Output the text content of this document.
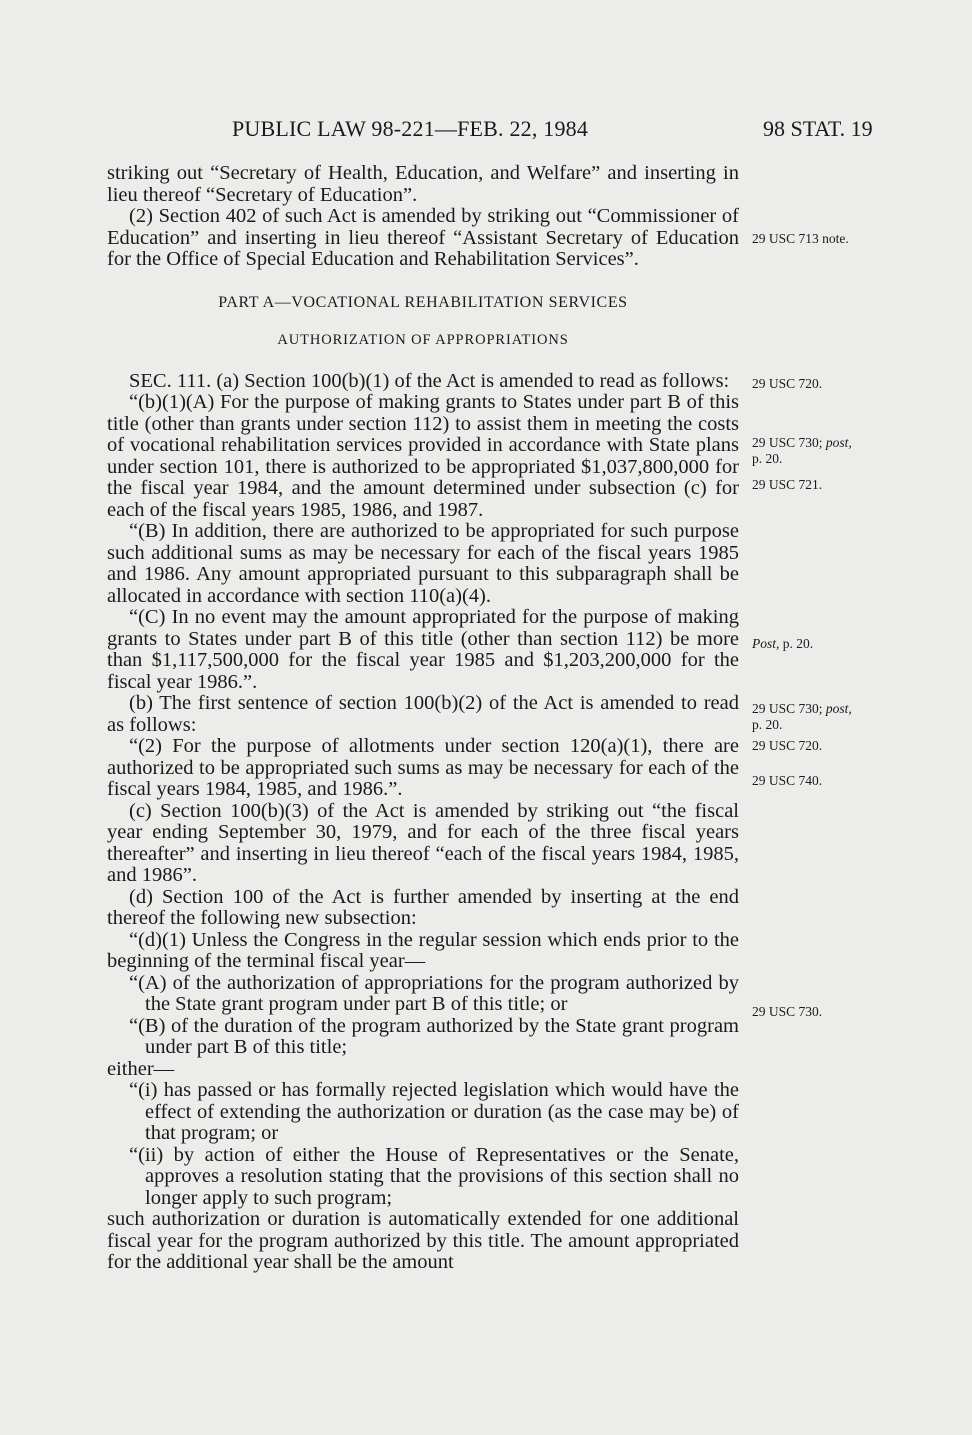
PUBLIC LAW 98-221—FEB. 22, 1984	98 STAT. 19

striking out “Secretary of Health, Education, and Welfare” and inserting in lieu thereof “Secretary of Education”.

(2) Section 402 of such Act is amended by striking out “Commissioner of Education” and inserting in lieu thereof “Assistant Secretary of Education for the Office of Special Education and Rehabilitation Services”.

PART A—VOCATIONAL REHABILITATION SERVICES
AUTHORIZATION OF APPROPRIATIONS

SEC. 111. (a) Section 100(b)(1) of the Act is amended to read as follows:

“(b)(1)(A) For the purpose of making grants to States under part B of this title (other than grants under section 112) to assist them in meeting the costs of vocational rehabilitation services provided in accordance with State plans under section 101, there is authorized to be appropriated $1,037,800,000 for the fiscal year 1984, and the amount determined under subsection (c) for each of the fiscal years 1985, 1986, and 1987.

“(B) In addition, there are authorized to be appropriated for such purpose such additional sums as may be necessary for each of the fiscal years 1985 and 1986. Any amount appropriated pursuant to this subparagraph shall be allocated in accordance with section 110(a)(4).

“(C) In no event may the amount appropriated for the purpose of making grants to States under part B of this title (other than section 112) be more than $1,117,500,000 for the fiscal year 1985 and $1,203,200,000 for the fiscal year 1986.”.

(b) The first sentence of section 100(b)(2) of the Act is amended to read as follows:

“(2) For the purpose of allotments under section 120(a)(1), there are authorized to be appropriated such sums as may be necessary for each of the fiscal years 1984, 1985, and 1986.”.

(c) Section 100(b)(3) of the Act is amended by striking out “the fiscal year ending September 30, 1979, and for each of the three fiscal years thereafter” and inserting in lieu thereof “each of the fiscal years 1984, 1985, and 1986”.

(d) Section 100 of the Act is further amended by inserting at the end thereof the following new subsection:

“(d)(1) Unless the Congress in the regular session which ends prior to the beginning of the terminal fiscal year—

“(A) of the authorization of appropriations for the program authorized by the State grant program under part B of this title; or

“(B) of the duration of the program authorized by the State grant program under part B of this title;

either—

“(i) has passed or has formally rejected legislation which would have the effect of extending the authorization or duration (as the case may be) of that program; or

“(ii) by action of either the House of Representatives or the Senate, approves a resolution stating that the provisions of this section shall no longer apply to such program;

such authorization or duration is automatically extended for one additional fiscal year for the program authorized by this title. The amount appropriated for the additional year shall be the amount

29 USC 713 note.
29 USC 720.
29 USC 730; post,
p. 20.
29 USC 721.
Post, p. 20.
29 USC 730; post,
p. 20.
29 USC 720.
29 USC 740.
29 USC 730.
